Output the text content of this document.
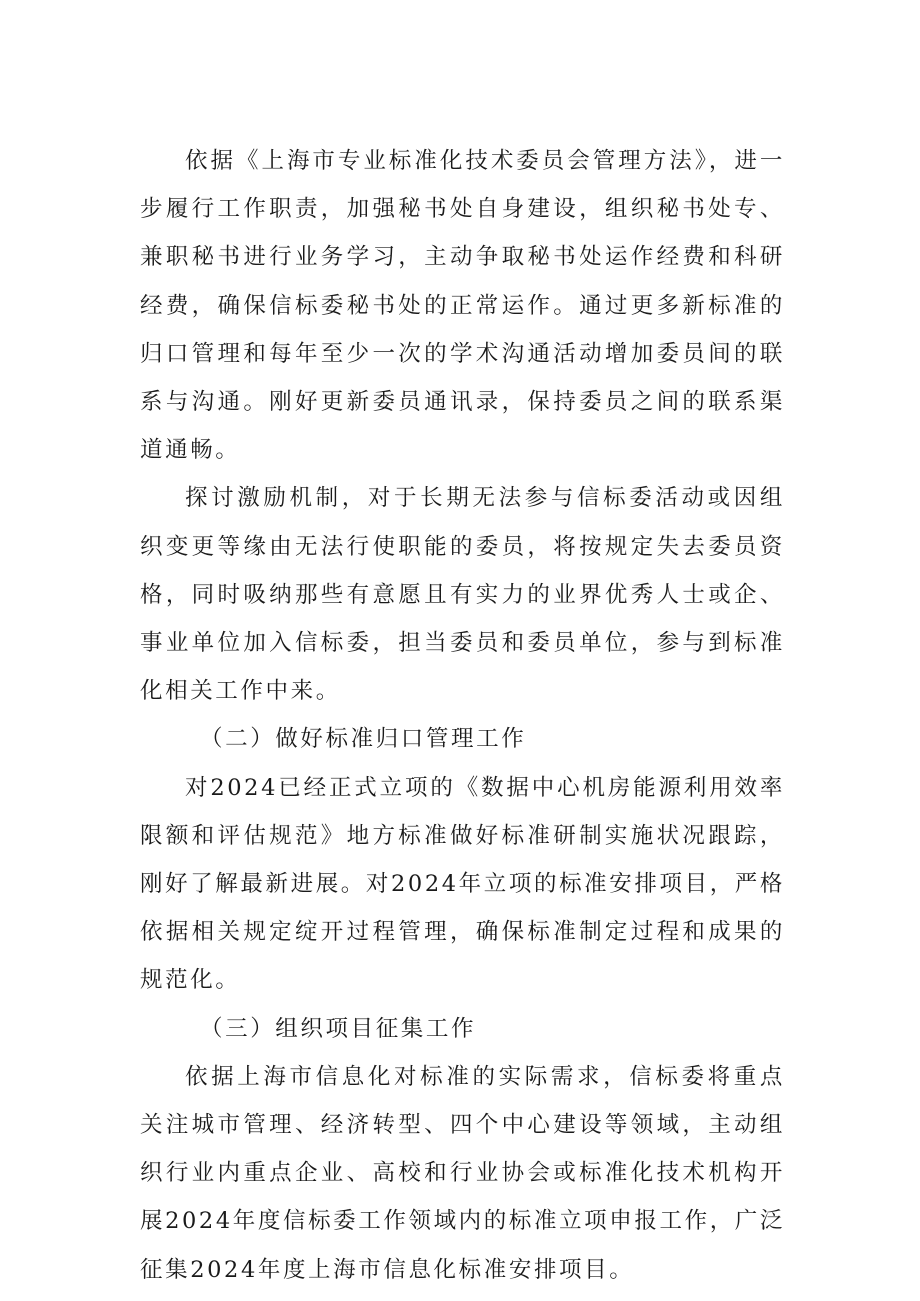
依据《上海市专业标准化技术委员会管理方法》，进一步履行工作职责，加强秘书处自身建设，组织秘书处专、兼职秘书进行业务学习，主动争取秘书处运作经费和科研经费，确保信标委秘书处的正常运作。通过更多新标准的归口管理和每年至少一次的学术沟通活动增加委员间的联系与沟通。刚好更新委员通讯录，保持委员之间的联系渠道通畅。

探讨激励机制，对于长期无法参与信标委活动或因组织变更等缘由无法行使职能的委员，将按规定失去委员资格，同时吸纳那些有意愿且有实力的业界优秀人士或企、事业单位加入信标委，担当委员和委员单位，参与到标准化相关工作中来。

（二）做好标准归口管理工作

对2024已经正式立项的《数据中心机房能源利用效率限额和评估规范》地方标准做好标准研制实施状况跟踪，刚好了解最新进展。对2024年立项的标准安排项目，严格依据相关规定绽开过程管理，确保标准制定过程和成果的规范化。

（三）组织项目征集工作

依据上海市信息化对标准的实际需求，信标委将重点关注城市管理、经济转型、四个中心建设等领域，主动组织行业内重点企业、高校和行业协会或标准化技术机构开展2024年度信标委工作领域内的标准立项申报工作，广泛征集2024年度上海市信息化标准安排项目。
